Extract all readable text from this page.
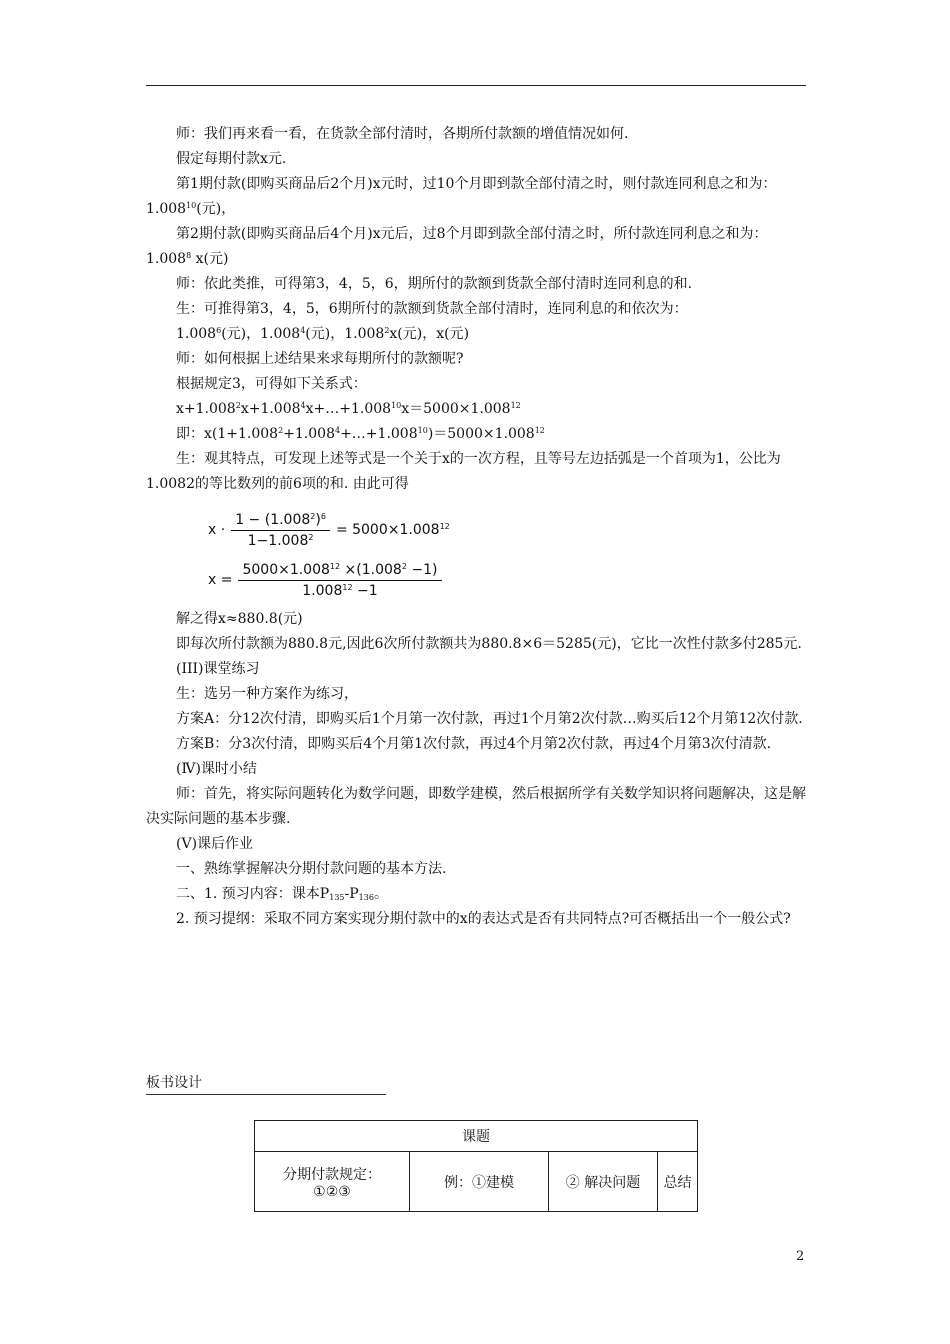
师：我们再来看一看，在货款全部付清时，各期所付款额的增值情况如何.

假定每期付款x元.

第1期付款(即购买商品后2个月)x元时，过10个月即到款全部付清之时，则付款连同利息之和为：1.008$^{10}$(元)，

第2期付款(即购买商品后4个月)x元后，过8个月即到款全部付清之时，所付款连同利息之和为：1.008$^8$ x(元)

师：依此类推，可得第3，4，5，6，期所付的款额到货款全部付清时连同利息的和.

生：可推得第3，4，5，6期所付的款额到货款全部付清时，连同利息的和依次为：

1.008$^6$(元)，1.008$^4$(元)，1.008$^2$x(元)，x(元)

师：如何根据上述结果来求每期所付的款额呢?

根据规定3，可得如下关系式：

$x+1.008^2x+1.008^4x+\dots+1.008^{10}x=5000\times 1.008^{12}$

即：$x(1+1.008^2+1.008^4+\dots+1.008^{10})=5000\times 1.008^{12}$

生：观其特点，可发现上述等式是一个关于x的一次方程，且等号左边括弧是一个首项为1，公比为1.0082的等比数列的前6项的和. 由此可得

解之得x≈880.8(元)

即每次所付款额为880.8元,因此6次所付款额共为880.8×6＝5285(元)，它比一次性付款多付285元.

(III)课堂练习

生：选另一种方案作为练习，

方案A：分12次付清，即购买后1个月第一次付款，再过1个月第2次付款…购买后12个月第12次付款.

方案B：分3次付清，即购买后4个月第1次付款，再过4个月第2次付款，再过4个月第3次付清款.

(Ⅳ)课时小结

师：首先，将实际问题转化为数学问题，即数学建模，然后根据所学有关数学知识将问题解决，这是解决实际问题的基本步骤.

(Ⅴ)课后作业

一、熟练掌握解决分期付款问题的基本方法.

二、1. 预习内容：课本$P_{135}-P_{136}$。

2. 预习提纲：采取不同方案实现分期付款中的x的表达式是否有共同特点?可否概括出一个一般公式?

$x \cdot \frac{1 - (1.008^2)^6}{1-1.008^2} = 5000\times 1.008^{12}$
$x = \frac{5000\times 1.008^{12} \times(1.008^2 -1)}{1.008^{12} -1}$
板书设计
课题

分期付款规定：
①②③
	例：①建模	② 解决问题	总结
2
